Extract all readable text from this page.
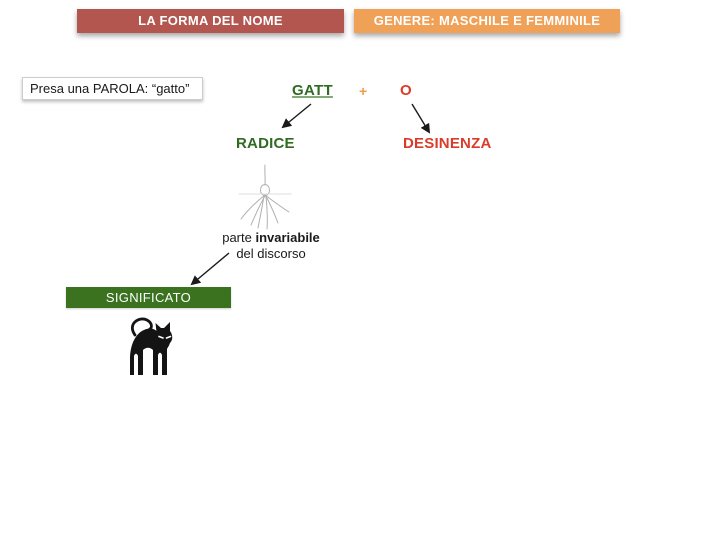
LA FORMA DEL NOME	GENERE: MASCHILE E FEMMINILE
Presa una PAROLA: “gatto”	GATT + O
RADICE	DESINENZA
parte invariabile
del discorso
SIGNIFICATO
